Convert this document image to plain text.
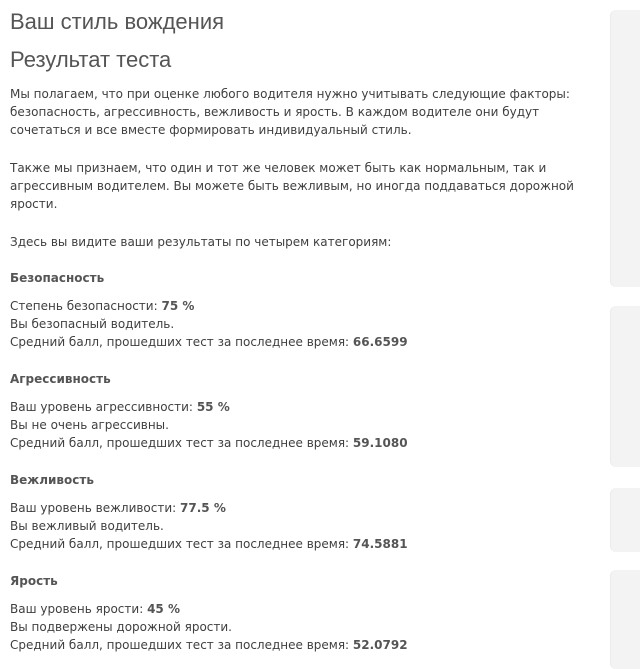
Ваш стиль вождения
Результат теста

Мы полагаем, что при оценке любого водителя нужно учитывать следующие факторы: безопасность, агрессивность, вежливость и ярость. В каждом водителе они будут сочетаться и все вместе формировать индивидуальный стиль.

Также мы признаем, что один и тот же человек может быть как нормальным, так и агрессивным водителем. Вы можете быть вежливым, но иногда поддаваться дорожной ярости.

Здесь вы видите ваши результаты по четырем категориям:

Безопасность
Степень безопасности: 75 %
Вы безопасный водитель.
Средний балл, прошедших тест за последнее время: 66.6599
Агрессивность
Ваш уровень агрессивности: 55 %
Вы не очень агрессивны.
Средний балл, прошедших тест за последнее время: 59.1080
Вежливость
Ваш уровень вежливости: 77.5 %
Вы вежливый водитель.
Средний балл, прошедших тест за последнее время: 74.5881
Ярость
Ваш уровень ярости: 45 %
Вы подвержены дорожной ярости.
Средний балл, прошедших тест за последнее время: 52.0792
